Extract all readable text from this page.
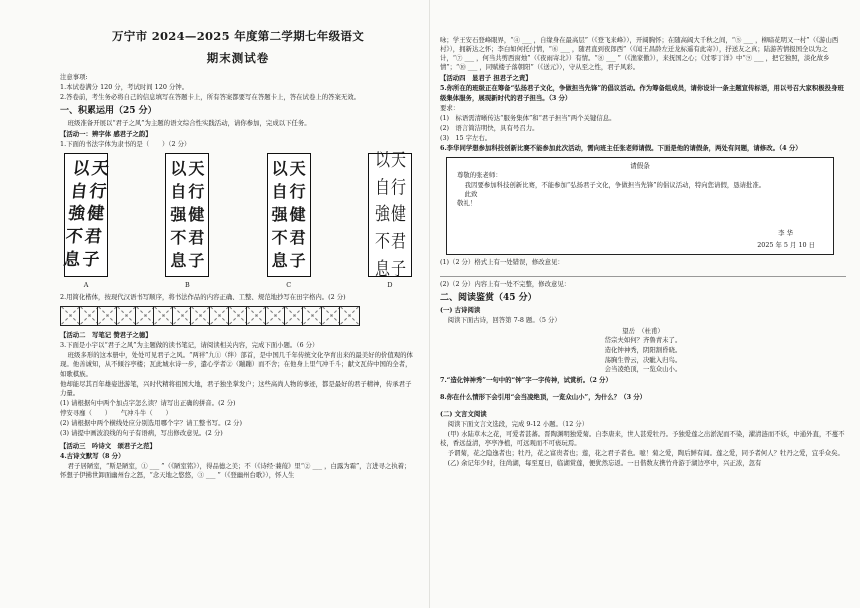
万宁市 2024—2025 年度第二学期七年级语文
期末测试卷
注意事项:
1.本试卷满分 120 分，考试时间 120 分钟。
2.答卷前，考生务必将自己的信息填写在答题卡上，所有答案都要写在答题卡上，答在试卷上的答案无效。
一、积累运用（25 分）
班级准备开展以“君子之风”为主题的语文综合性实践活动，请你参加，完成以下任务。
【活动一：辨字体 感君子之韵】
1.下面的书法字体为隶书的是（　　）（2 分）
以
自
強
不
息
天
行
健
君
子
A
以
自
强
不
息
天
行
健
君
子
B
以
自
强
不
息
天
行
健
君
子
C
以
自
強
不
息
天
行
健
君
子
D
2.用简化楷体，按现代汉语书写顺序，将书法作品的内容正确、工整、规范地抄写在田字格内。(2 分)
【活动二　写笔记 赞君子之德】
3.下面是小宇以“君子之风”为主题做的读书笔记，请阅读相关内容，完成下面小题。（6 分）
班级多形的这本册中，处处可见君子之风。“两袢”九①（绊）部首，是中国几千年传统文化孕育出来的最美好的价值观的体现。他善诚知，从不傾谷亭楼；瓦此城水诗一步，遣心学者②（蹦蹦）而不舍；在他身上里气冲千斗；献文瓦侍中国的全者，如歌棋族。
他却能尽其百年雄姿进游笔，兴时代精将祖国大地，君子独坐掌发户；这些高尚人物的事迹，都是最好的君子精神，传承君子力量。
(1) 请根据句中两个加点字怎么读？请写出正确的拼音。(2 分)
悖安寻靡（　　）　　气冲斗牛（　　）
(2) 请根据中两个横线处应分别选用哪个字？请工整书写。(2 分)
(3) 请提中画波浪线的句子有语病，写出修改意见。(2 分)
【活动三　吟诗文　颂君子之范】
4.古诗文默写（8 分）
君子居陋室，“斯是陋室，① ___ ”（《陋室铭》），得品德之美；不（《诗经·蒹葭》里“② ___ ，白露为霜”，言进寻之执着；怀想子伊拂世卸面幽州台之怒，“念天地之悠悠，③ ___ ”（《登幽州台歌》），怀人生
咏；学王安石登峰眼界，“④ ___ ，自缘身在最高层”（《登飞来峰》），开阔胸怀；在随高阔大千秋之间，“⑤ ___ ，柳暗花明又一村”（《游山西村》），拥新达之怀；李白如何托付情，“⑥ ___ ，随君直到夜郎西”（《闻王昌龄左迁龙标遥有此寄》），抒送友之真；陆游苦情报国全以为之计，“⑦ ___ ，何当共剪西窗烛”（《夜雨寄北》）有情。“⑧ ___ ”（《渔家傲》），来抚国之心；《过零丁洋》中“⑨ ___ ，把它独照，淡化故乡情”；“⑩ ___ ，同赋楼子落朝阳”（《送元》），守从至之性，君子风彩。
【活动四　显君子 担君子之责】
5.你所在的班级正在筹备“弘扬君子文化，争做担当先锋”的倡议活动。作为筹备组成员，请你设计一条主题宣传标语，用以号召大家积极投身班级集体服务，展现新时代的君子担当。（3 分）
要求：
(1)　标语需清晰传达“服务集体”和“君子担当”两个关键信息。
(2)　语言简洁明快，具有号召力。
(3)　15 字左右。
6.李华同学想参加科技创新比赛不能参加此次活动，需向班主任张老师请假。下面是他的请假条，两处有问题，请修改。（4 分）
请假条
尊敬的张老师：
我因要参加科技创新比赛，不能参加“弘扬君子文化，争做担当先锋”的倡议活动，特向您请假，恳请批准。
此致
敬礼！
李 华
2025 年 5 月 10 日
(1)（2 分）格式上有一处错误，修改意见：
(2)（2 分）内容上有一处不完整，修改意见：
二、阅读鉴赏（45 分）
(一) 古诗阅读
阅读下面古诗，回答第 7-8 题。（5 分）
望岳　（杜甫）
岱宗夫如何？齐鲁青未了。
造化钟神秀，阴阳割昏晓。
荡胸生曾云，决眦入归鸟。
会当凌绝顶，一览众山小。
7.“造化钟神秀”一句中的“钟”字一字传神，试赏析。（2 分）
8.你在什么情形下会引用“会当凌绝顶，一览众山小”，为什么？（3 分）
(二) 文言文阅读
阅读下面文言文选段，完成 9-12 小题。（12 分）
(甲) 水陆草木之花，可爱者甚蕃。晋陶渊明独爱菊。自李唐来，世人甚爱牡丹。予独爱莲之出淤泥而不染，濯清涟而不妖，中通外直，不蔓不枝，香远益清，亭亭净植，可远观而不可亵玩焉。
予谓菊，花之隐逸者也；牡丹，花之富贵者也；莲，花之君子者也。噫！菊之爱，陶后鲜有闻。莲之爱，同予者何人？牡丹之爱，宜乎众矣。
(乙) 余记年少时，往尚湖，每至夏日，临湖赏莲，便犹然忘返。一日偕数友携竹舟游于湖边亭中，兴正浓，忽有
